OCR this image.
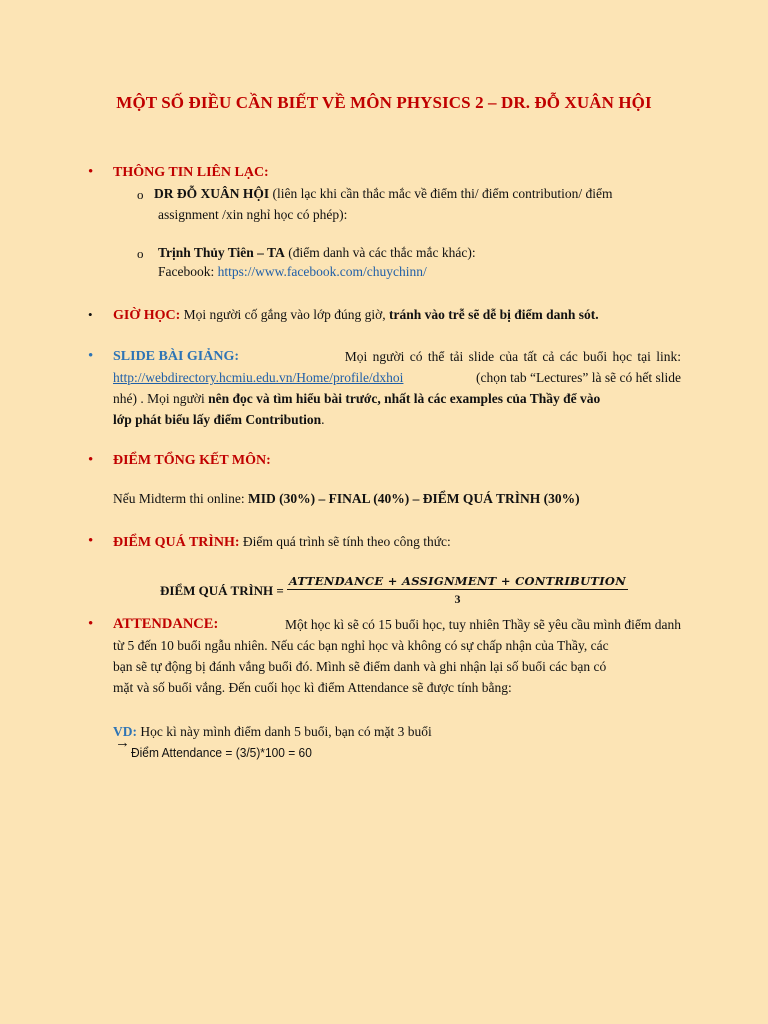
MỘT SỐ ĐIỀU CẦN BIẾT VỀ MÔN PHYSICS 2 – DR. ĐỖ XUÂN HỘI
• THÔNG TIN LIÊN LẠC:
o DR ĐỖ XUÂN HỘI (liên lạc khi cần thắc mắc về điểm thi/ điểm contribution/ điểm
assignment /xin nghỉ học có phép):
o Trịnh Thủy Tiên – TA (điểm danh và các thắc mắc khác):
Facebook: https://www.facebook.com/chuychinn/
• GIỜ HỌC: Mọi người cố gắng vào lớp đúng giờ, tránh vào trễ sẽ dễ bị điểm danh sót.
• SLIDE BÀI GIẢNG:	Mọi người có thể tải slide của tất cả các buổi học tại link:
http://webdirectory.hcmiu.edu.vn/Home/profile/dxhoi	(chọn tab “Lectures” là sẽ có hết slide
nhé) . Mọi người nên đọc và tìm hiểu bài trước, nhất là các examples của Thầy để vào
lớp phát biểu lấy điểm Contribution.
• ĐIỂM TỔNG KẾT MÔN:
Nếu Midterm thi online: MID (30%) – FINAL (40%) – ĐIỂM QUÁ TRÌNH (30%)
• ĐIỂM QUÁ TRÌNH: Điểm quá trình sẽ tính theo công thức:
ĐIỂM QUÁ TRÌNH = $\frac{\text{ATTENDANCE + ASSIGNMENT + CONTRIBUTION}}{3}$
• ATTENDANCE:	Một học kì sẽ có 15 buổi học, tuy nhiên Thầy sẽ yêu cầu mình điểm danh
từ 5 đến 10 buổi ngẫu nhiên. Nếu các bạn nghỉ học và không có sự chấp nhận của Thầy, các
bạn sẽ tự động bị đánh vắng buổi đó. Mình sẽ điểm danh và ghi nhận lại số buổi các bạn có
mặt và số buổi vắng. Đến cuối học kì điểm Attendance sẽ được tính bằng:
VD: Học kì này mình điểm danh 5 buổi, bạn có mặt 3 buổi
→
Điểm Attendance = (3/5)*100 = 60
